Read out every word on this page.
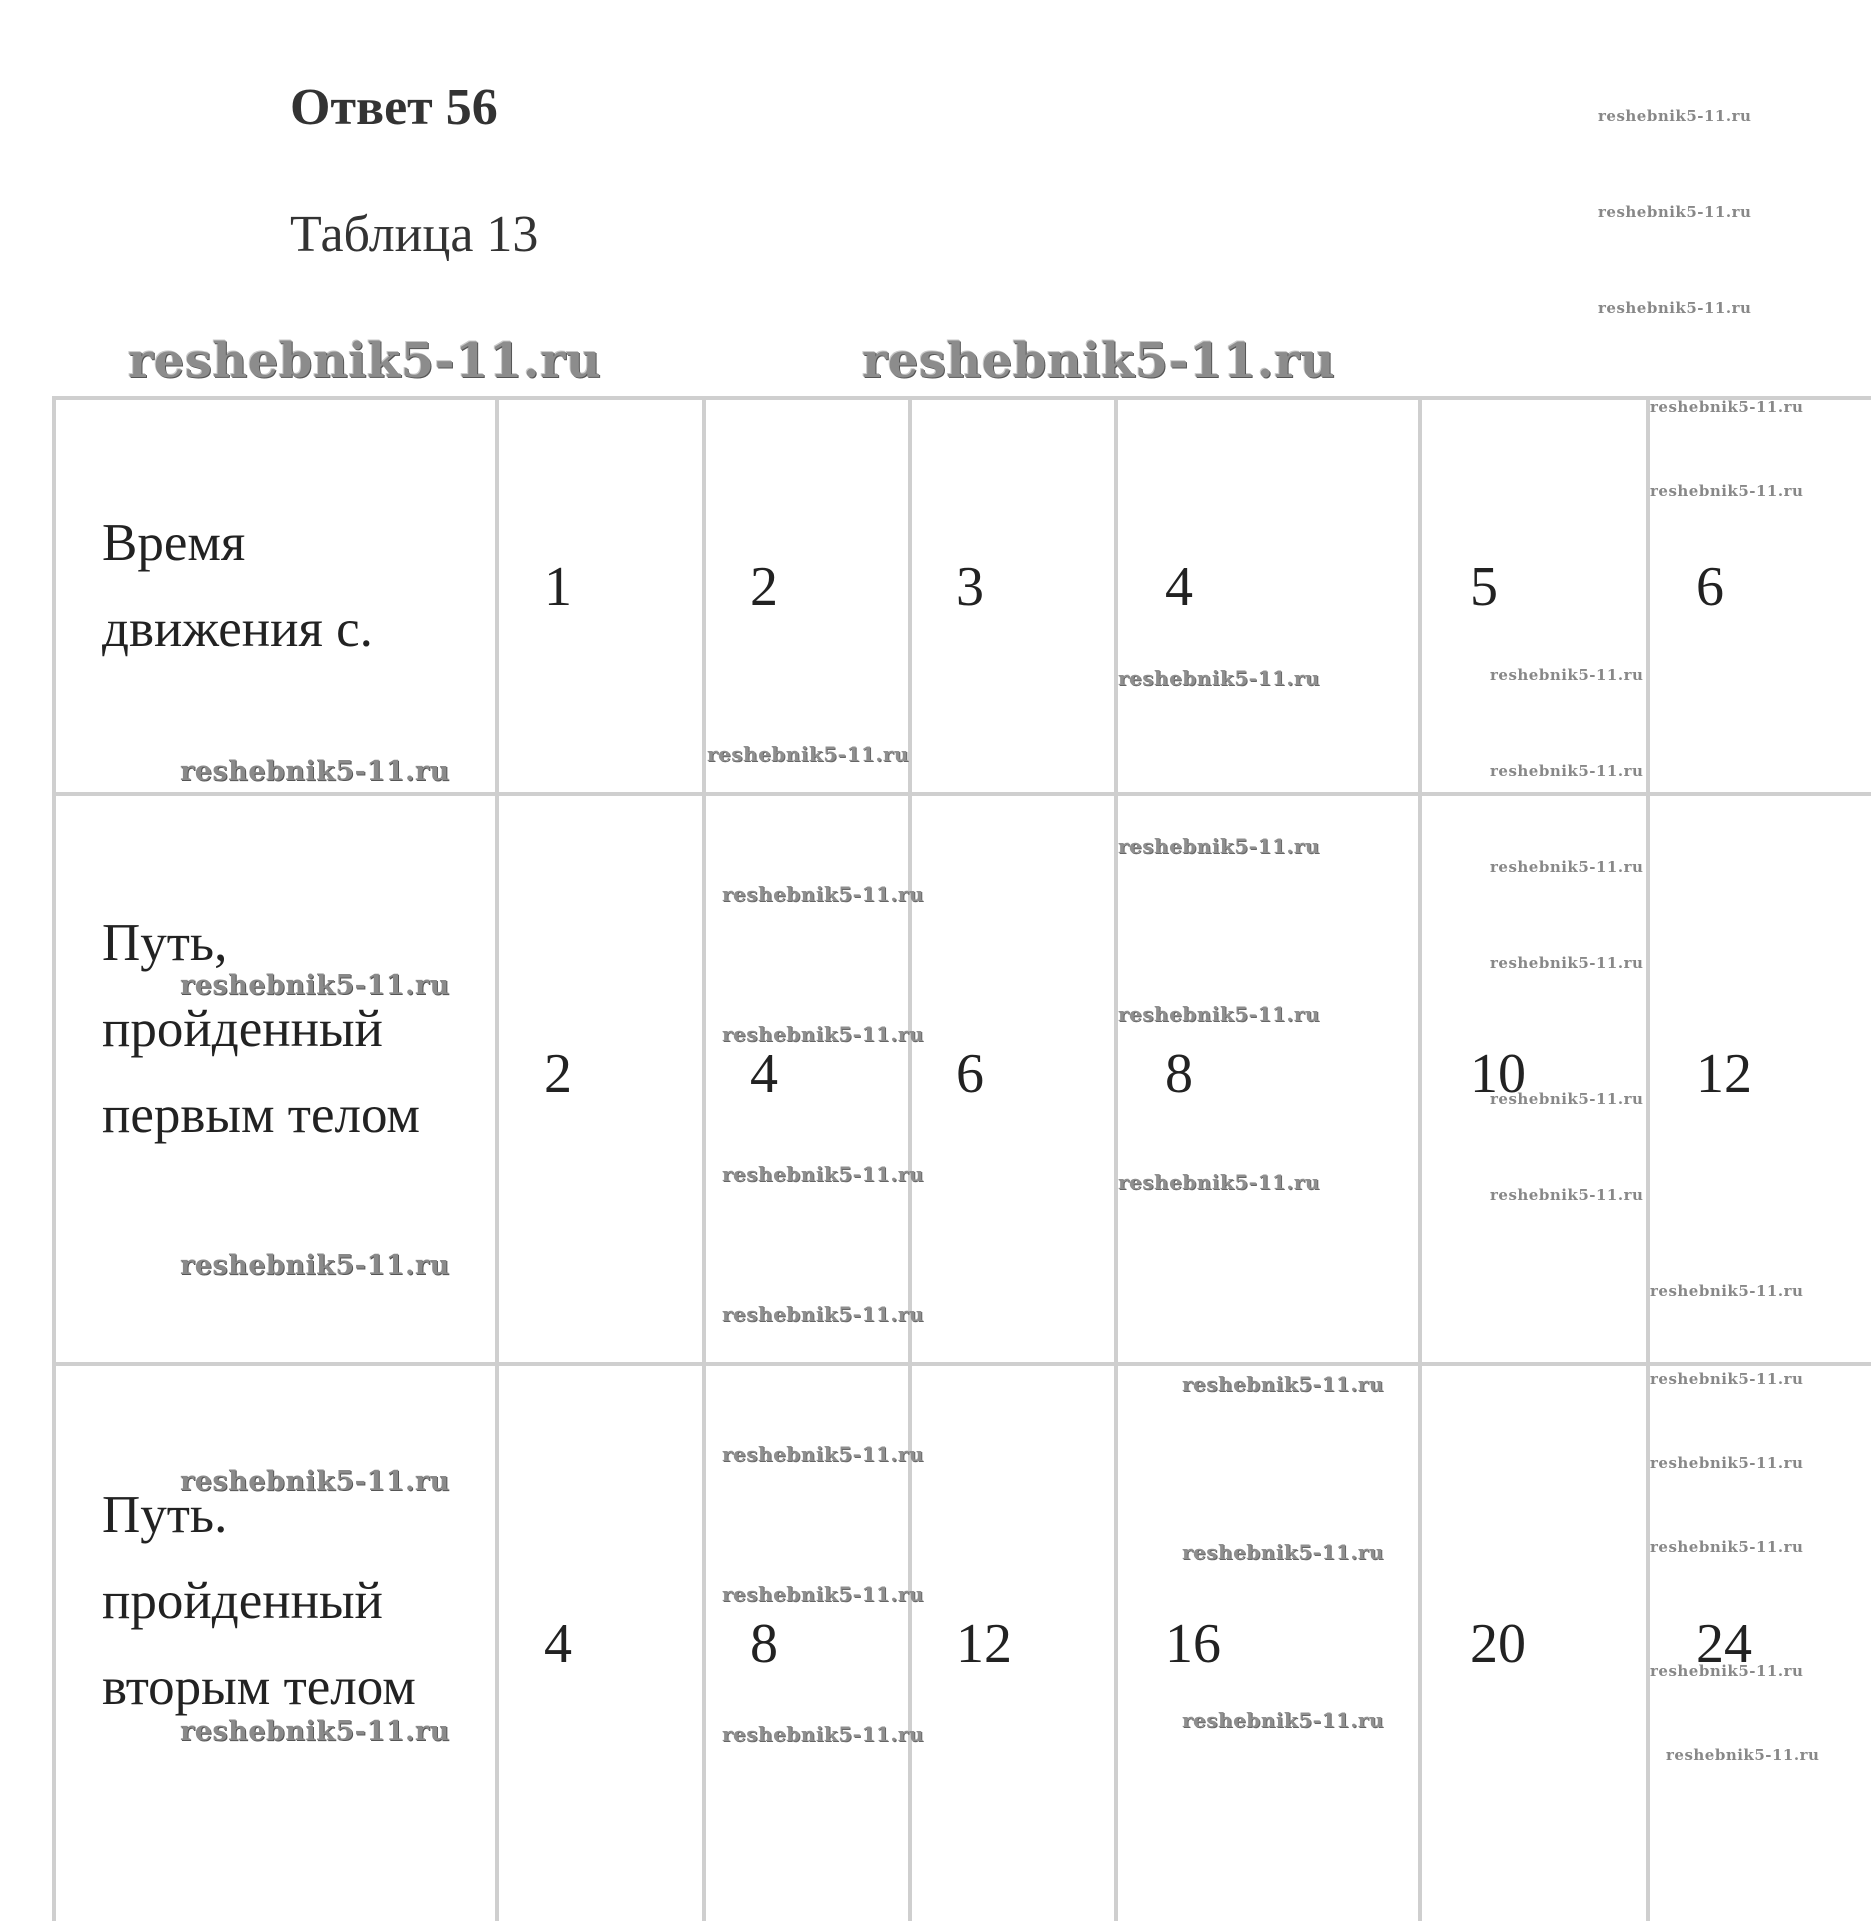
Ответ 56
Таблица 13
Время движения с.
1	2	3	4	5	6
Путь, пройденный первым телом
2	4	6	8	10	12
Путь. пройденный вторым телом
4	8	12	16	20	24
reshebnik5-11.ru	reshebnik5-11.ru
reshebnik5-11.ru
reshebnik5-11.ru
reshebnik5-11.ru
reshebnik5-11.ru
reshebnik5-11.ru
reshebnik5-11.ru	reshebnik5-11.ru
reshebnik5-11.ru
reshebnik5-11.ru
reshebnik5-11.ru
reshebnik5-11.ru
reshebnik5-11.ru
reshebnik5-11.ru
reshebnik5-11.ru
reshebnik5-11.ru
reshebnik5-11.ru
reshebnik5-11.ru
reshebnik5-11.ru
reshebnik5-11.ru
reshebnik5-11.ru
reshebnik5-11.ru
reshebnik5-11.ru
reshebnik5-11.ru
reshebnik5-11.ru
reshebnik5-11.ru
reshebnik5-11.ru
reshebnik5-11.ru
reshebnik5-11.ru
reshebnik5-11.ru
reshebnik5-11.ru
reshebnik5-11.ru
reshebnik5-11.ru
reshebnik5-11.ru
reshebnik5-11.ru
reshebnik5-11.ru
reshebnik5-11.ru
reshebnik5-11.ru
